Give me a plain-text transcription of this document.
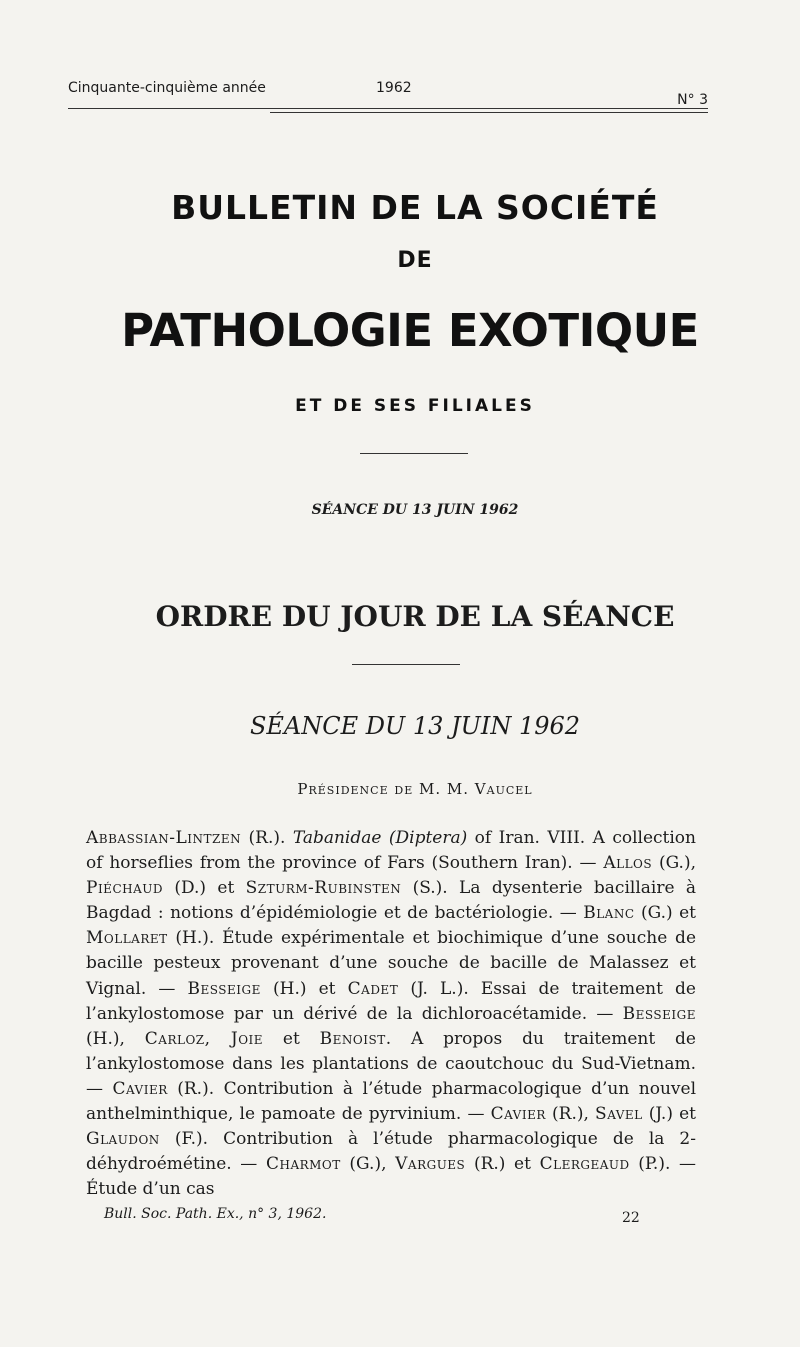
Cinquante-cinquième année	1962
N° 3
BULLETIN DE LA SOCIÉTÉ
DE
PATHOLOGIE EXOTIQUE
ET DE SES FILIALES
SÉANCE DU 13 JUIN 1962
ORDRE DU JOUR DE LA SÉANCE
SÉANCE DU 13 JUIN 1962
Présidence de M. M. Vaucel
Abbassian-Lintzen (R.). Tabanidae (Diptera) of Iran. VIII. A collection of horseflies from the province of Fars (Southern Iran). — Allos (G.), Piéchaud (D.) et Szturm-Rubinsten (S.). La dysenterie bacillaire à Bagdad : notions d’épidémiologie et de bactériologie. — Blanc (G.) et Mollaret (H.). Étude expérimentale et biochimique d’une souche de bacille pesteux provenant d’une souche de bacille de Malassez et Vignal. — Besseige (H.) et Cadet (J. L.). Essai de traitement de l’ankylostomose par un dérivé de la dichloroacétamide. — Besseige (H.), Carloz, Joie et Benoist. A propos du traitement de l’ankylostomose dans les plantations de caoutchouc du Sud-Vietnam. — Cavier (R.). Contribution à l’étude pharmacologique d’un nouvel anthelminthique, le pamoate de pyrvinium. — Cavier (R.), Savel (J.) et Glaudon (F.). Contribution à l’étude pharmacologique de la 2-déhydroémétine. — Charmot (G.), Vargues (R.) et Clergeaud (P.). — Étude d’un cas
Bull. Soc. Path. Ex., n° 3, 1962.	22
